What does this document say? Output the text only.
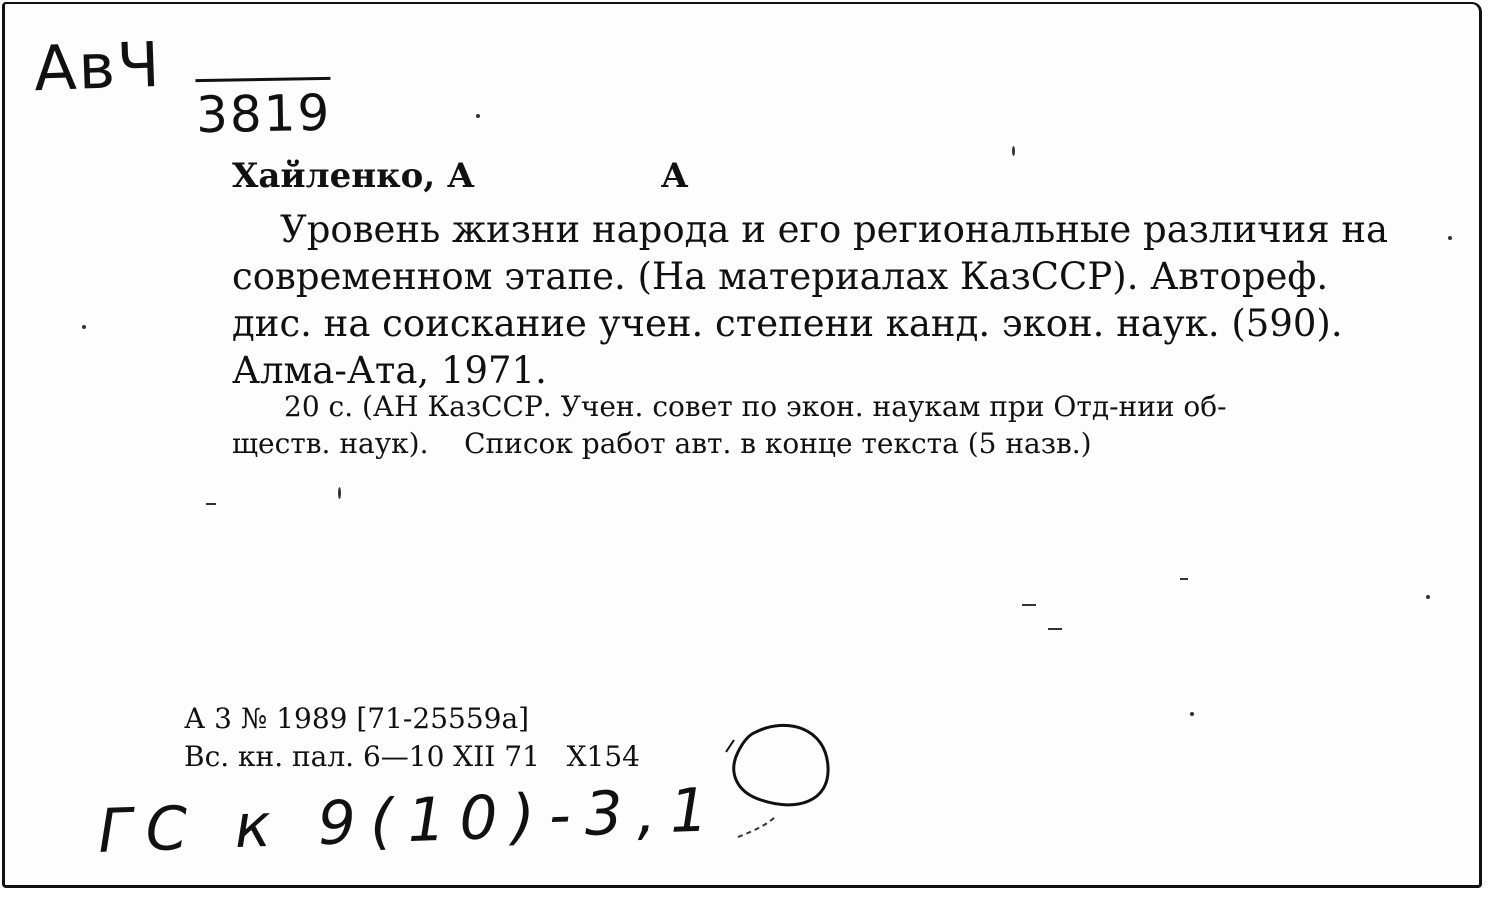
АвЧ
3819
Хайленко, А	А
Уровень жизни народа и его региональные различия на
современном этапе. (На материалах КазССР). Автореф.
дис. на соискание учен. степени канд. экон. наук. (590).
Алма-Ата, 1971.
20 с. (АН КазССР. Учен. совет по экон. наукам при Отд-нии об-
ществ. наук).    Список работ авт. в конце текста (5 назв.)
А 3 № 1989 [71-25559а]
Вс. кн. пал. 6—10 XII 71   X154
ГС к 9(10)-3,1
